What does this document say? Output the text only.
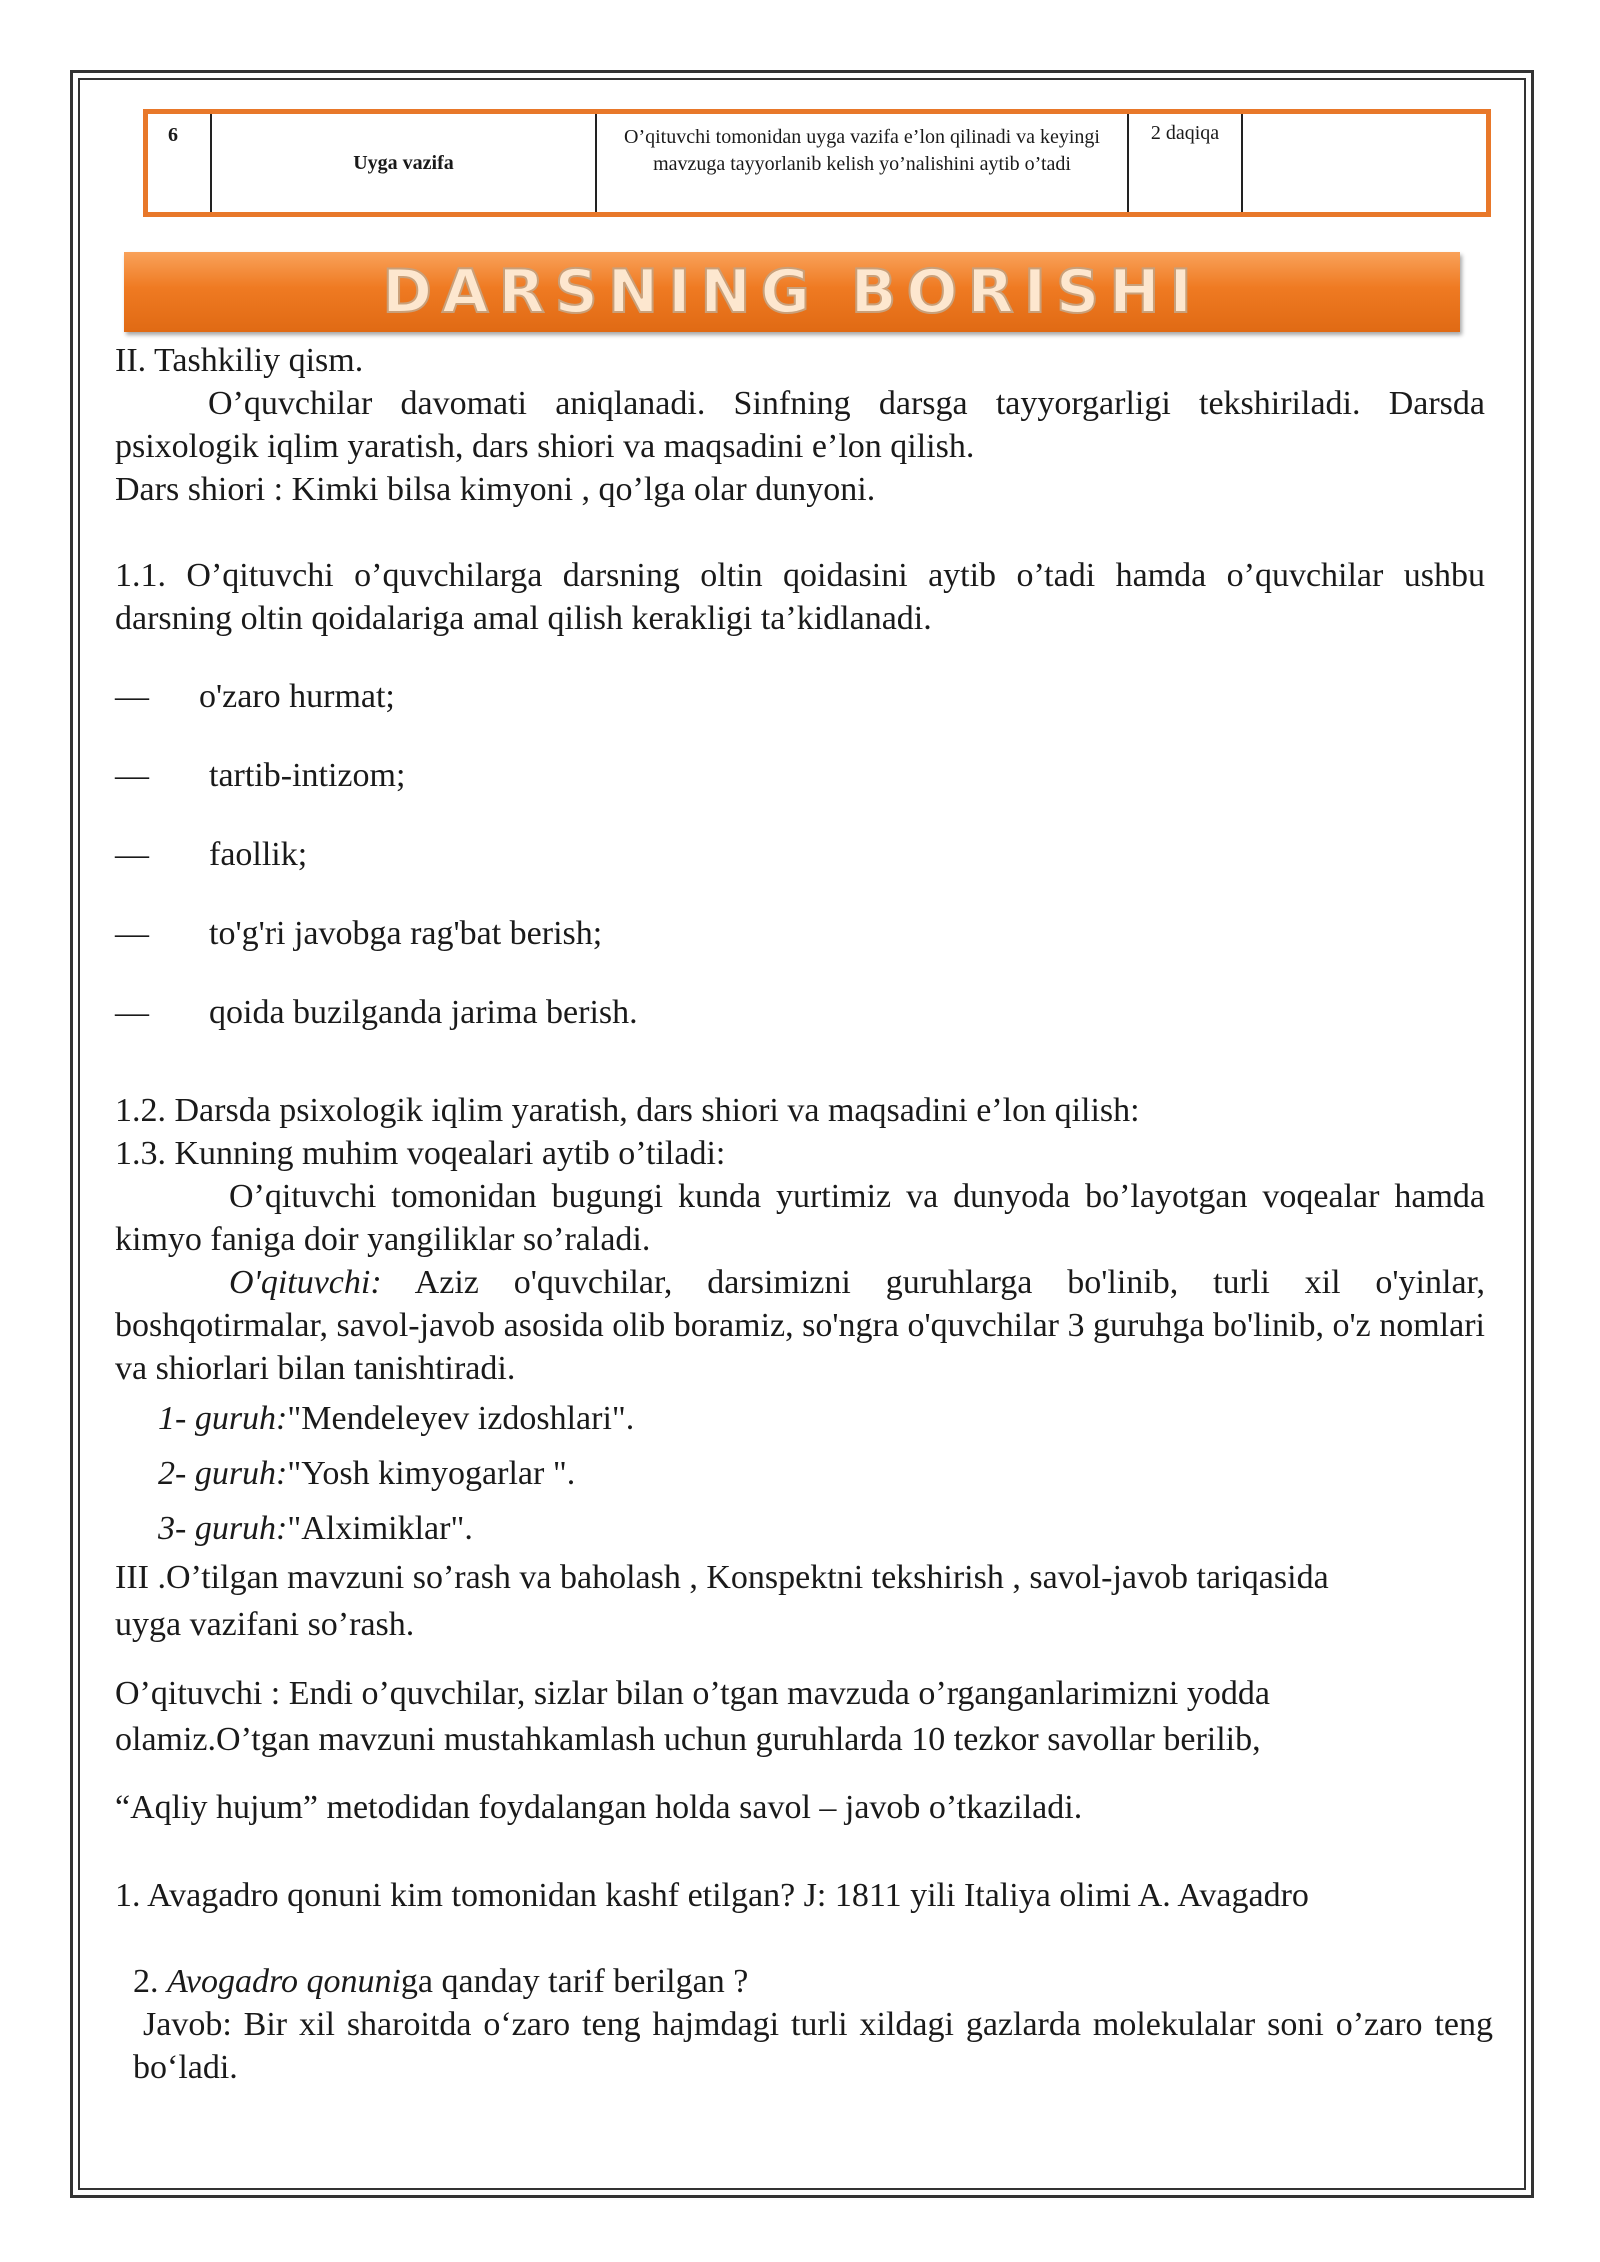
6
Uyga vazifa
O’qituvchi tomonidan uyga vazifa e’lon qilinadi va keyingi mavzuga tayyorlanib kelish yo’nalishini aytib o’tadi
2 daqiqa
DARSNING BORISHI
II. Tashkiliy qism.
O’quvchilar davomati aniqlanadi. Sinfning darsga tayyorgarligi tekshiriladi. Darsda psixologik iqlim yaratish, dars shiori va maqsadini e’lon qilish.
Dars shiori : Kimki bilsa kimyoni , qo’lga olar dunyoni.
1.1. O’qituvchi o’quvchilarga darsning oltin qoidasini aytib o’tadi hamda o’quvchilar ushbu darsning oltin qoidalariga amal qilish kerakligi ta’kidlanadi.
— o'zaro hurmat;
— tartib-intizom;
— faollik;
— to'g'ri javobga rag'bat berish;
— qoida buzilganda jarima berish.
1.2. Darsda psixologik iqlim yaratish, dars shiori va maqsadini e’lon qilish:
1.3. Kunning muhim voqealari aytib o’tiladi:
O’qituvchi tomonidan bugungi kunda yurtimiz va dunyoda bo’layotgan voqealar hamda kimyo faniga doir yangiliklar so’raladi.
O'qituvchi: Aziz o'quvchilar, darsimizni guruhlarga bo'linib, turli xil o'yinlar, boshqotirmalar, savol-javob asosida olib boramiz, so'ngra o'quvchilar 3 guruhga bo'linib, o'z nomlari va shiorlari bilan tanishtiradi.
1- guruh:"Mendeleyev izdoshlari".
2- guruh:"Yosh kimyogarlar ".
3- guruh:"Alximiklar".
III .O’tilgan mavzuni so’rash va baholash , Konspektni tekshirish , savol-javob tariqasida
uyga vazifani so’rash.
O’qituvchi : Endi o’quvchilar, sizlar bilan o’tgan mavzuda o’rganganlarimizni yodda
olamiz.O’tgan mavzuni mustahkamlash uchun guruhlarda 10 tezkor savollar berilib,
“Aqliy hujum” metodidan foydalangan holda savol – javob o’tkaziladi.
1. Avagadro qonuni kim tomonidan kashf etilgan? J: 1811 yili Italiya olimi A. Avagadro
2. Avogadro qonuniga qanday tarif berilgan ?
Javob: Bir xil sharoitda o‘zaro teng hajmdagi turli xildagi gazlarda molekulalar soni o’zaro teng bo‘ladi.
